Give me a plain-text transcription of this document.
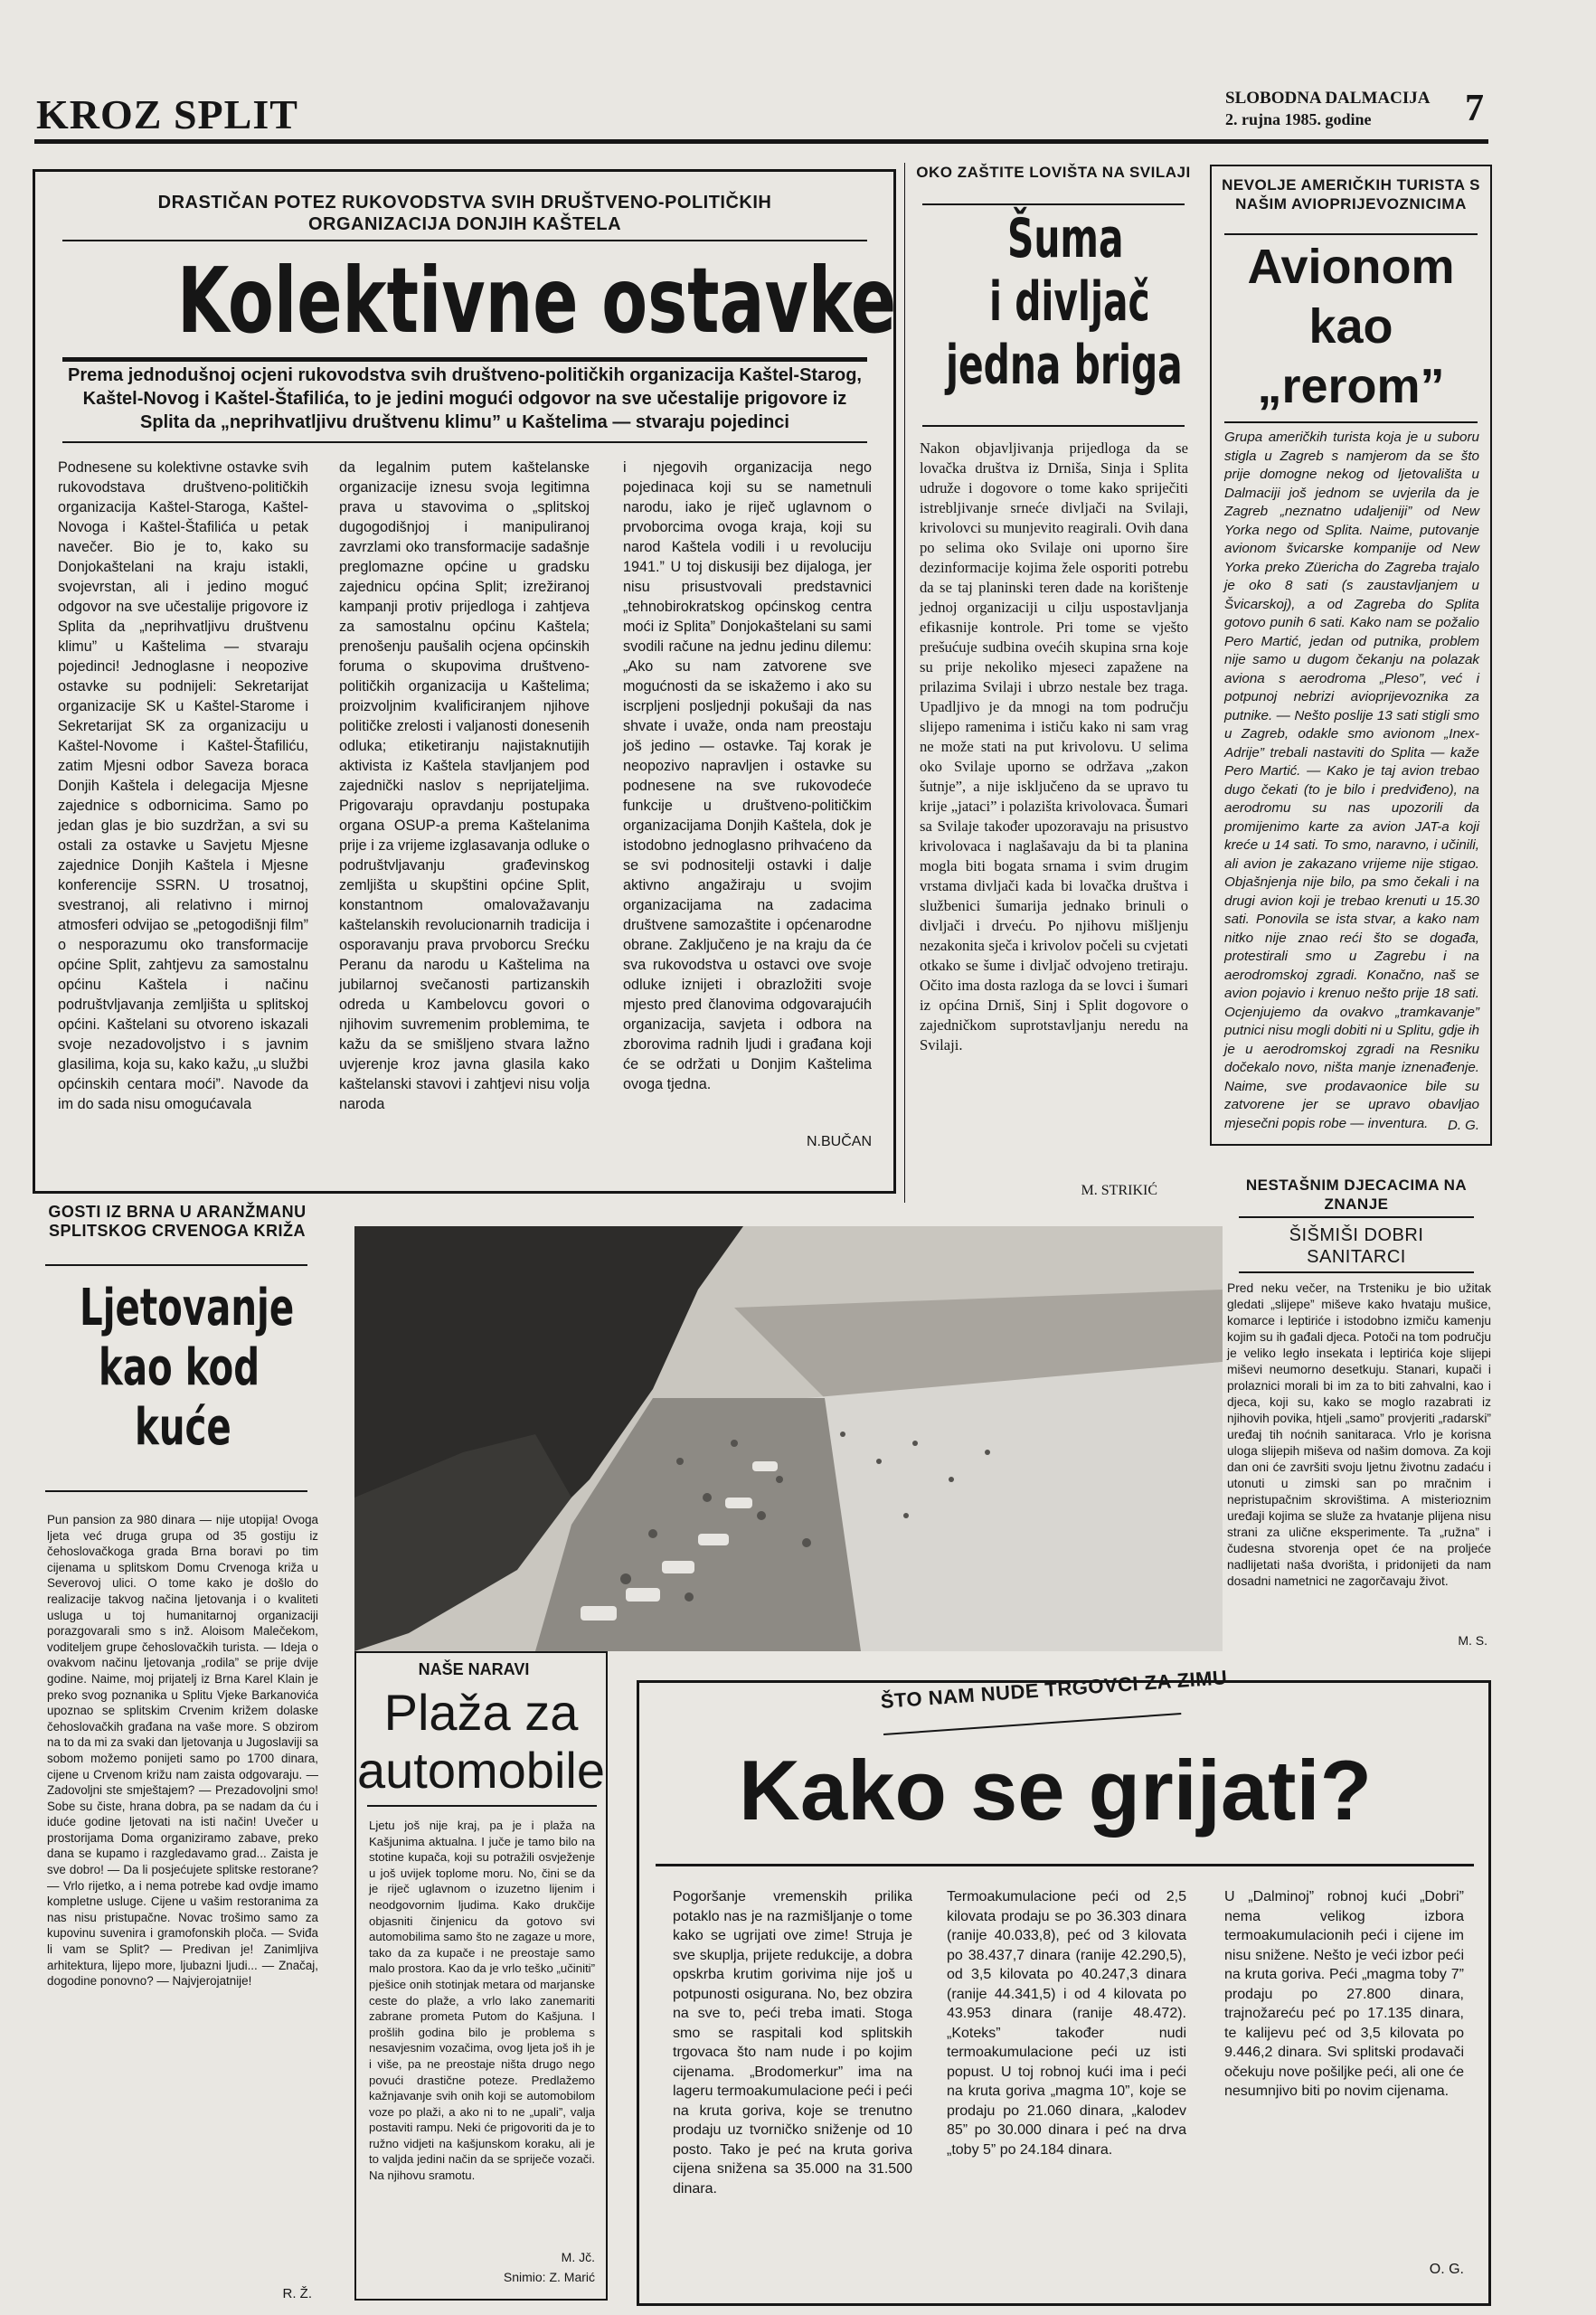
KROZ SPLIT	SLOBODNA DALMACIJA
2. rujna 1985. godine 7
DRASTIČAN POTEZ RUKOVODSTVA SVIH DRUŠTVENO-POLITIČKIH ORGANIZACIJA DONJIH KAŠTELA
Kolektivne ostavke
Prema jednodušnoj ocjeni rukovodstva svih društveno-političkih organizacija Kaštel-Starog, Kaštel-Novog i Kaštel-Štafilića, to je jedini mogući odgovor na sve učestalije prigovore iz Splita da „neprihvatljivu društvenu klimu” u Kaštelima — stvaraju pojedinci
Podnesene su kolektivne ostavke svih rukovodstava društveno-političkih organizacija Kaštel-Staroga, Kaštel-Novoga i Kaštel-Štafilića u petak navečer. Bio je to, kako su Donjokaštelani na kraju istakli, svojevrstan, ali i jedino moguć odgovor na sve učestalije prigovore iz Splita da „neprihvatljivu društvenu klimu” u Kaštelima — stvaraju pojedinci! Jednoglasne i neopozive ostavke su podnijeli: Sekretarijat organizacije SK u Kaštel-Starome i Sekretarijat SK za organizaciju u Kaštel-Novome i Kaštel-Štafiliću, zatim Mjesni odbor Saveza boraca Donjih Kaštela i delegacija Mjesne zajednice s odbornicima. Samo po jedan glas je bio suzdržan, a svi su ostali za ostavke u Savjetu Mjesne zajednice Donjih Kaštela i Mjesne konferencije SSRN. U trosatnoj, svestranoj, ali relativno i mirnoj atmosferi odvijao se „petogodišnji film” o nesporazumu oko transformacije općine Split, zahtjevu za samostalnu općinu Kaštela i načinu podruštvljavanja zemljišta u splitskoj općini. Kaštelani su otvoreno iskazali svoje nezadovoljstvo i s javnim glasilima, koja su, kako kažu, „u službi općinskih centara moći”. Navode da im do sada nisu omogućavala
da legalnim putem kaštelanske organizacije iznesu svoja legitimna prava u stavovima o „splitskoj dugogodišnjoj i manipuliranoj zavrzlami oko transformacije sadašnje preglomazne općine u gradsku zajednicu općina Split; izrežiranoj kampanji protiv prijedloga i zahtjeva za samostalnu općinu Kaštela; prenošenju paušalih ocjena općinskih foruma o skupovima društveno-političkih organizacija u Kaštelima; proizvoljnim kvalificiranjem njihove političke zrelosti i valjanosti donesenih odluka; etiketiranju najistaknutijih aktivista iz Kaštela stavljanjem pod zajednički naslov s neprijateljima. Prigovaraju opravdanju postupaka organa OSUP-a prema Kaštelanima prije i za vrijeme izglasavanja odluke o podruštvljavanju građevinskog zemljišta u skupštini općine Split, konstantnom omalovažavanju kaštelanskih revolucionarnih tradicija i osporavanju prava prvoborcu Srećku Peranu da narodu u Kaštelima na jubilarnoj svečanosti partizanskih odreda u Kambelovcu govori o njihovim suvremenim problemima, te kažu da se smišljeno stvara lažno uvjerenje kroz javna glasila kako kaštelanski stavovi i zahtjevi nisu volja naroda
i njegovih organizacija nego pojedinaca koji su se nametnuli narodu, iako je riječ uglavnom o prvoborcima ovoga kraja, koji su narod Kaštela vodili i u revoluciju 1941.” U toj diskusiji bez dijaloga, jer nisu prisustvovali predstavnici „tehnobirokratskog općinskog centra moći iz Splita” Donjokaštelani su sami svodili račune na jednu jedinu dilemu: „Ako su nam zatvorene sve mogućnosti da se iskažemo i ako su iscrpljeni posljednji pokušaji da nas shvate i uvaže, onda nam preostaju još jedino — ostavke. Taj korak je neopozivo napravljen i ostavke su podnesene na sve rukovodeće funkcije u društveno-političkim organizacijama Donjih Kaštela, dok je istodobno jednoglasno prihvaćeno da se svi podnositelji ostavki i dalje aktivno angažiraju u svojim organizacijama na zadacima društvene samozaštite i općenarodne obrane. Zaključeno je na kraju da će sva rukovodstva u ostavci ove svoje odluke iznijeti i obrazložiti svoje mjesto pred članovima odgovarajućih organizacija, savjeta i odbora na zborovima radnih ljudi i građana koji će se održati u Donjim Kaštelima ovoga tjedna.
N.BUČAN
OKO ZAŠTITE LOVIŠTA NA SVILAJI
Šuma
i divljač
jedna briga
Nakon objavljivanja prijedloga da se lovačka društva iz Drniša, Sinja i Splita udruže i dogovore o tome kako spriječiti istrebljivanje srneće divljači na Svilaji, krivolovci su munjevito reagirali. Ovih dana po selima oko Svilaje oni uporno šire dezinformacije kojima žele osporiti potrebu da se taj planinski teren dade na korištenje jednoj organizaciji u cilju uspostavljanja efikasnije kontrole. Pri tome se vješto prešućuje sudbina ovećih skupina srna koje su prije nekoliko mjeseci zapažene na prilazima Svilaji i ubrzo nestale bez traga. Upadljivo je da mnogi na tom području slijepo ramenima i ističu kako ni sam vrag ne može stati na put krivolovu. U selima oko Svilaje uporno se održava „zakon šutnje”, a nije isključeno da se upravo tu krije „jataci” i polazišta krivolovaca. Šumari sa Svilaje također upozoravaju na prisustvo krivolovaca i naglašavaju da bi ta planina mogla biti bogata srnama i svim drugim vrstama divljači kada bi lovačka društva i službenici šumarija jednako brinuli o divljači i drveću. Po njihovu mišljenju nezakonita sječa i krivolov počeli su cvjetati otkako se šume i divljač odvojeno tretiraju. Očito ima dosta razloga da se lovci i šumari iz općina Drniš, Sinj i Split dogovore o zajedničkom suprotstavljanju neredu na Svilaji.
M. STRIKIĆ
NEVOLJE AMERIČKIH TURISTA S NAŠIM AVIOPRIJEVOZNICIMA
Avionom
kao
„rerom”
Grupa američkih turista koja je u suboru stigla u Zagreb s namjerom da se što prije domogne nekog od ljetovališta u Dalmaciji još jednom se uvjerila da je Zagreb „neznatno udaljeniji” od New Yorka nego od Splita. Naime, putovanje avionom švicarske kompanije od New Yorka preko Züericha do Zagreba trajalo je oko 8 sati (s zaustavljanjem u Švicarskoj), a od Zagreba do Splita gotovo punih 6 sati. Kako nam se požalio Pero Martić, jedan od putnika, problem nije samo u dugom čekanju na polazak aviona s aerodroma „Pleso”, već i potpunoj nebrizi aviopriјevoznika za putnike. — Nešto poslije 13 sati stigli smo u Zagreb, odakle smo avionom „Inex-Adrije” trebali nastaviti do Splita — kaže Pero Martić. — Kako je taj avion trebao dugo čekati (to je bilo i predviđeno), na aerodromu su nas upozorili da promijenimo karte za avion JAT-a koji kreće u 14 sati. To smo, naravno, i učinili, ali avion je zakazano vrijeme nije stigao. Objašnjenja nije bilo, pa smo čekali i na drugi avion koji je trebao krenuti u 15.30 sati. Ponovila se ista stvar, a kako nam nitko nije znao reći što se događa, protestirali smo u Zagrebu i na aerodromskoj zgradi. Konačno, naš se avion pojavio i krenuo nešto prije 18 sati. Ocjenjujemo da ovakvo „tramkavanje” putnici nisu mogli dobiti ni u Splitu, gdje ih je u aerodromskoj zgradi na Resniku dočekalo novo, ništa manje iznenađenje. Naime, sve prodavaonice bile su zatvorene jer se upravo obavljao mjesečni popis robe — inventura.	D. G.
GOSTI IZ BRNA U ARANŽMANU SPLITSKOG CRVENOGA KRIŽA
Ljetovanje
kao kod
kuće
Pun pansion za 980 dinara — nije utopija! Ovoga ljeta već druga grupa od 35 gostiju iz čehoslovačkoga grada Brna boravi po tim cijenama u splitskom Domu Crvenoga križa u Severovoj ulici. O tome kako je došlo do realizacije takvog načina ljetovanja i o kvaliteti usluga u toj humanitarnoj organizaciji porazgovarali smo s inž. Aloisom Malečekom, voditeljem grupe čehoslovačkih turista. — Ideja o ovakvom načinu ljetovanja „rodila” se prije dvije godine. Naime, moj prijatelj iz Brna Karel Klain je preko svog poznanika u Splitu Vjeke Barkanovića upoznao se splitskim Crvenim križem dolaske čehoslovačkih građana na vaše more. S obzirom na to da mi za svaki dan ljetovanja u Jugoslaviji sa sobom možemo ponijeti samo po 1700 dinara, cijene u Crvenom križu nam zaista odgovaraju. — Zadovoljni ste smještajem? — Prezadovoljni smo! Sobe su čiste, hrana dobra, pa se nadam da ću i iduće godine ljetovati na isti način! Uvečer u prostorijama Doma organiziramo zabave, preko dana se kupamo i razgledavamo grad... Zaista je sve dobro! — Da li posjećujete splitske restorane? — Vrlo rijetko, a i nema potrebe kad ovdje imamo kompletne usluge. Cijene u vašim restoranima za nas nisu pristupačne. Novac trošimo samo za kupovinu suvenira i gramofonskih ploča. — Sviđa li vam se Split? — Predivan je! Zanimljiva arhitektura, lijepo more, ljubazni ljudi... — Značaj, dogodine ponovno? — Najvjerojatnije!
R. Ž.
NAŠE NARAVI
Plaža za
automobile
Ljetu još nije kraj, pa je i plaža na Kašjunima aktualna. I juče je tamo bilo na stotine kupača, koji su potražili osvježenje u još uvijek toplome moru. No, čini se da je riječ uglavnom o izuzetno lijenim i neodgovornim ljudima. Kako drukčije objasniti činjenicu da gotovo svi automobilima samo što ne zagaze u more, tako da za kupače i ne preostaje samo malo prostora. Kao da je vrlo teško „učiniti” pješice onih stotinjak metara od marjanske ceste do plaže, a vrlo lako zanemariti zabrane prometa Putom do Kašjuna. I prošlih godina bilo je problema s nesavjesnim vozačima, ovog ljeta još ih je i više, pa ne preostaje ništa drugo nego povući drastične poteze. Predlažemo kažnjavanje svih onih koji se automobilom voze po plaži, a ako ni to ne „upali”, valja postaviti rampu. Neki će prigovoriti da je to ružno vidjeti na kašjunskom koraku, ali je to valjda jedini način da se spriječe vozači. Na njihovu sramotu.
M. Jč.
Snimio: Z. Marić
NESTAŠNIM DJECACIMA NA ZNANJE
ŠIŠMIŠI DOBRI SANITARCI
Pred neku večer, na Trsteniku je bio užitak gledati „slijepe” miševe kako hvataju mušice, komarce i leptiriće i istodobno izmiču kamenju kojim su ih gađali djeca. Potoči na tom području je veliko legło insekata i leptirića koje slijepi miševi neumorno desetkuju. Stanari, kupači i prolaznici morali bi im za to biti zahvalni, kao i djeca, koji su, kako se moglo razabrati iz njihovih povika, htjeli „samo” provjeriti „radarski” uređaj tih noćnih sanitaraca. Vrlo je korisna uloga slijepih miševa od našim domova. Za koji dan oni će završiti svoju ljetnu životnu zadaću i utonuti u zimski san po mračnim i nepristupačnim skrovištima. A misterioznim uređaji kojima se služe za hvatanje plijena nisu strani za ulične eksperimente. Ta „ružna” i čudesna stvorenja opet će na proljeće nadlijetati naša dvorišta, i pridonijeti da nam dosadni nametnici ne zagorčavaju život.
M. S.
ŠTO NAM NUDE TRGOVCI ZA ZIMU
Kako se grijati?
Pogoršanje vremenskih prilika potaklo nas je na razmišljanje o tome kako se ugrijati ove zime! Struja je sve skuplja, prijete redukcije, a dobra opskrba krutim gorivima nije još u potpunosti osigurana. No, bez obzira na sve to, peći treba imati. Stoga smo se raspitali kod splitskih trgovaca što nam nude i po kojim cijenama. „Brodomerkur” ima na lageru termoakumulacione peći i peći na kruta goriva, koje se trenutno prodaju uz tvorničko sniženje od 10 posto. Tako je peć na kruta goriva cijena snižena sa 35.000 na 31.500 dinara.
Termoakumulacione peći od 2,5 kilovata prodaju se po 36.303 dinara (ranije 40.033,8), peć od 3 kilovata po 38.437,7 dinara (ranije 42.290,5), od 3,5 kilovata po 40.247,3 dinara (ranije 44.341,5) i od 4 kilovata po 43.953 dinara (ranije 48.472). „Koteks” također nudi termoakumulacione peći uz isti popust. U toj robnoj kući ima i peći na kruta goriva „magma 10”, koje se prodaju po 21.060 dinara, „kalodev 85” po 30.000 dinara i peć na drva „toby 5” po 24.184 dinara.
U „Dalminoj” robnoj kući „Dobri” nema velikog izbora termoakumulacionih peći i cijene im nisu snižene. Nešto je veći izbor peći na kruta goriva. Peći „magma toby 7” prodaju po 27.800 dinara, trajnožareću peć po 17.135 dinara, te kalijevu peć od 3,5 kilovata po 9.446,2 dinara. Svi splitski prodavači očekuju nove pošiljke peći, ali one će nesumnjivo biti po novim cijenama.
O. G.
